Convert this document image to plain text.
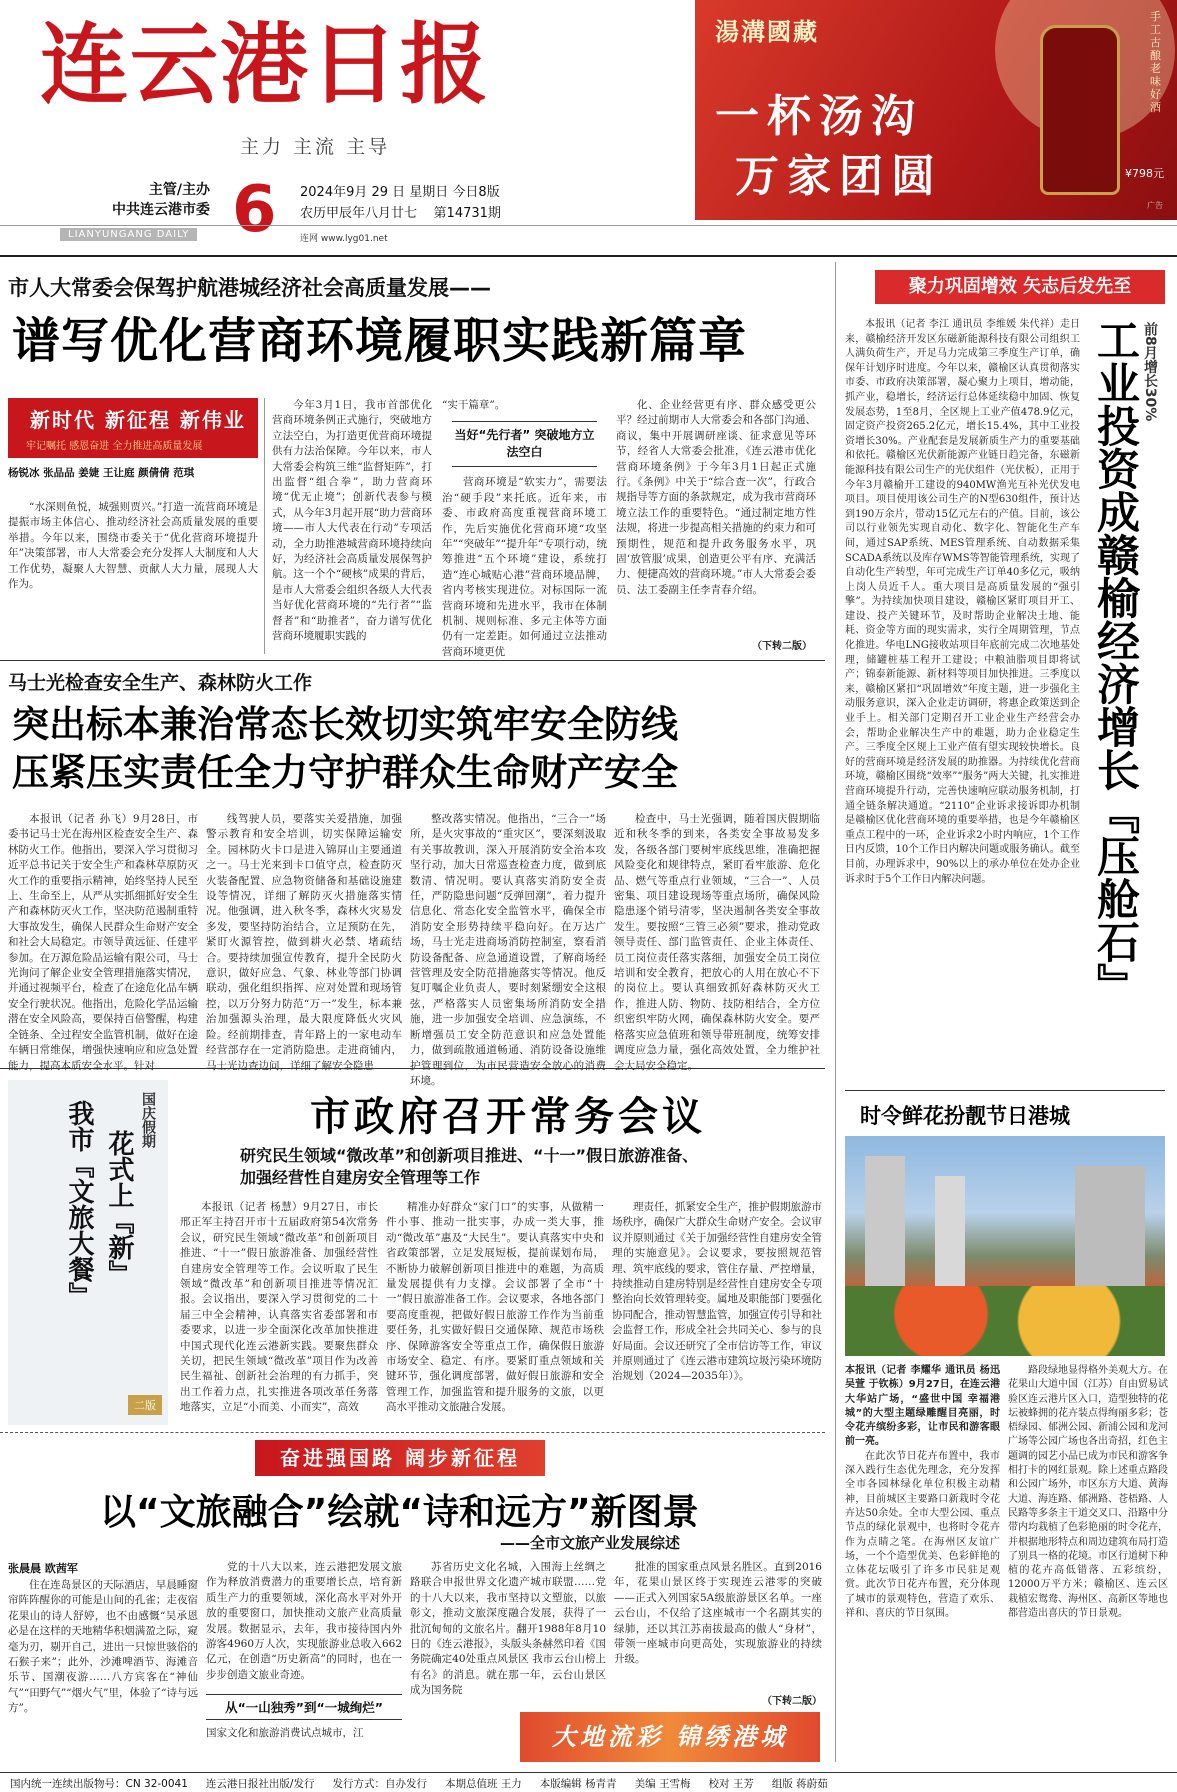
连云港日报
主力 主流 主导
主管/主办
中共连云港市委 6 2024年9月 29 日 星期日 今日8版
农历甲辰年八月廿七 第14731期
LIANYUNGANG DAILY	连网 www.lyg01.net
湯溝國藏
一杯汤沟
万家团圆
手工古酿 老味好酒
¥798元
广告
市人大常委会保驾护航港城经济社会高质量发展——
谱写优化营商环境履职实践新篇章
新时代 新征程 新伟业
牢记嘱托 感恩奋进 全力推进高质量发展
杨锐冰 张品品 姜婕 王让庭 颜倩倩 范琪

“水深则鱼悦，城强则贾兴。”打造一流营商环境是提振市场主体信心、推动经济社会高质量发展的重要举措。今年以来，围绕市委关于“优化营商环境提升年”决策部署，市人大常委会充分发挥人大制度和人大工作优势，凝聚人大智慧、贡献人大力量，展现人大作为。

今年3月1日，我市首部优化营商环境条例正式施行，突破地方立法空白，为打造更优营商环境提供有力法治保障。今年以来，市人大常委会构筑三维“监督矩阵”，打出监督“组合拳”，助力营商环境“优无止境”；创新代表参与模式，从今年3月起开展“助力营商环境——市人大代表在行动”专项活动，全力助推港城营商环境持续向好，为经济社会高质量发展保驾护航。这一个个“硬核”成果的背后，是市人大常委会组织各级人大代表当好优化营商环境的“先行者”“监督者”和“助推者”，奋力谱写优化营商环境履职实践的

“实干篇章”。
当好“先行者” 突破地方立法空白

营商环境是“软实力”，需要法治“硬手段”来托底。近年来，市委、市政府高度重视营商环境工作，先后实施优化营商环境“攻坚年”“突破年”“提升年”专项行动，统筹推进“五个环境”建设，系统打造“连心城贴心港”营商环境品牌，省内考核实现进位。对标国际一流营商环境和先进水平，我市在体制机制、规则标准、多元主体等方面仍有一定差距。如何通过立法推动营商环境更优

化、企业经营更有序、群众感受更公平？经过前期市人大常委会和各部门沟通、商议，集中开展调研座谈、征求意见等环节，经省人大常委会批准，《连云港市优化营商环境条例》于今年3月1日起正式施行。《条例》中关于“综合查一次”，行政合规指导等方面的条款规定，成为我市营商环境立法工作的重要特色。“通过制定地方性法规，将进一步提高相关措施的约束力和可预期性，规范和提升政务服务水平，巩固‘放管服’成果，创造更公平有序、充满活力、便捷高效的营商环境。”市人大常委会委员、法工委副主任李青春介绍。

（下转二版）
马士光检查安全生产、森林防火工作
突出标本兼治常态长效切实筑牢安全防线
压紧压实责任全力守护群众生命财产安全

本报讯（记者 孙飞）9月28日，市委书记马士光在海州区检查安全生产、森林防火工作。他指出，要深入学习贯彻习近平总书记关于安全生产和森林草原防灭火工作的重要指示精神，始终坚持人民至上、生命至上，从严从实抓细抓好安全生产和森林防灭火工作，坚决防范遏制重特大事故发生，确保人民群众生命财产安全和社会大局稳定。市领导黄远征、任建平参加。在万源危险品运输有限公司，马士光询问了解企业安全管理措施落实情况，并通过视频平台，检查了在途危化品车辆安全行驶状况。他指出，危险化学品运输潜在安全风险高，要保持百倍警醒，构建全链条、全过程安全监管机制，做好在途车辆日常维保，增强快速响应和应急处置能力，提高本质安全水平。针对

线驾驶人员，要落实关爱措施，加强警示教育和安全培训，切实保障运输安全。园林防火卡口是进入锦屏山主要通道之一。马士光来到卡口值守点，检查防灭火装备配置、应急物资储备和基础设施建设等情况，详细了解防灭火措施落实情况。他强调，进入秋冬季，森林火灾易发多发，要坚持防治结合，立足预防在先，紧盯火源管控，做到耕火必禁、堵疏结合。要持续加强宣传教育，提升全民防火意识，做好应急、气象、林业等部门协调联动，强化组织指挥、应对处置和现场管控，以万分努力防范“万一”发生，标本兼治加强源头治理，最大限度降低火灾风险。经前期排查，青年路上的一家电动车经营部存在一定消防隐患。走进商铺内，马士光边查边问，详细了解安全隐患

整改落实情况。他指出，“三合一”场所，是火灾事故的“重灾区”，要深刻汲取有关事故教训，深入开展消防安全治本攻坚行动，加大日常巡查检查力度，做到底数清、情况明。要认真落实消防安全责任，严防隐患问题“反弹回潮”，着力提升信息化、常态化安全监管水平，确保全市消防安全形势持续平稳向好。在万达广场，马士光走进商场消防控制室，察看消防设备配备、应急通道设置，了解商场经营管理及安全防范措施落实等情况。他反复叮嘱企业负责人，要时刻紧绷安全这根弦，严格落实人员密集场所消防安全措施，进一步加强安全培训、应急演练，不断增强员工安全防范意识和应急处置能力，做到疏散通道畅通、消防设备设施维护管理到位，为市民营造安全放心的消费环境。

检查中，马士光强调，随着国庆假期临近和秋冬季的到来，各类安全事故易发多发，各级各部门要树牢底线思维，准确把握风险变化和规律特点，紧盯看牢旅游、危化品、燃气等重点行业领域，“三合一”、人员密集、项目建设现场等重点场所，确保风险隐患逐个销号清零，坚决遏制各类安全事故发生。要按照“三管三必须”要求，推动党政领导责任、部门监管责任、企业主体责任、员工岗位责任落实落细，加强安全员工岗位培训和安全教育，把放心的人用在放心不下的岗位上。要认真细致抓好森林防灭火工作，推进人防、物防、技防相结合，全方位织密织牢防火网，确保森林防火安全。要严格落实应急值班和领导带班制度，统筹安排调度应急力量，强化高效处置，全力维护社会大局安全稳定。

聚力巩固增效 矢志后发先至
工业投资成赣榆经济增长『压舱石』 前8月增长30%

本报讯（记者 李江 通讯员 李维媛 朱代祥）走日来，赣榆经济开发区东磁新能源科技有限公司组织工人满负荷生产，开足马力完成第三季度生产订单，确保年计划序时进度。今年以来，赣榆区认真贯彻落实市委、市政府决策部署，凝心聚力上项目，增动能，抓产业，稳增长，经济运行总体延续稳中加固、恢复发展态势，1至8月，全区规上工业产值478.9亿元，固定资产投资265.2亿元，增长15.4%，其中工业投资增长30%。产业配套是发展新质生产力的重要基础和依托。赣榆区光伏新能源产业链日趋完备，东磁新能源科技有限公司生产的光伏组件（光伏板），正用于今年3月赣榆开工建设的940MW渔光互补光伏发电项目。项目使用该公司生产的N型630组件，预计达到190万余片，带动15亿元左右的产值。目前，该公司以行业领先实现自动化、数字化、智能化生产车间，通过SAP系统、MES管理系统、自动数据采集SCADA系统以及库存WMS等智能管理系统，实现了自动化生产转型，年可完成生产订单40多亿元，吸纳上岗人员近千人。重大项目是高质量发展的“强引擎”。为持续加快项目建设，赣榆区紧盯项目开工、建设、投产关键环节，及时帮助企业解决土地、能耗、资金等方面的现实需求，实行全周期管理，节点化推进。华电LNG接收站项目年底前完成二次地基处理，储罐桩基工程开工建设；中粮油脂项目即将试产；锦泰新能源、新材料等项目加快推进。三季度以来，赣榆区紧扣“巩固增效”年度主题，进一步强化主动服务意识，深入企业走访调研，将惠企政策送到企业手上。相关部门定期召开工业企业生产经营会办会，帮助企业解决生产中的难题，助力企业稳定生产。三季度全区规上工业产值有望实现较快增长。良好的营商环境是经济发展的助推器。为持续优化营商环境，赣榆区围绕“效率”“服务”两大关键，扎实推进营商环境提升行动，完善快速响应联动服务机制，打通全链条解决通道。“2110”企业诉求接诉即办机制是赣榆区优化营商环境的重要举措，也是今年赣榆区重点工程中的一环，企业诉求2小时内响应，1个工作日内反馈，10个工作日内解决问题或服务确认。截至目前，办理诉求中，90%以上的承办单位在处办企业诉求时于5个工作日内解决问题。

时令鲜花扮靓节日港城
本报讯（记者 李耀华 通讯员 杨迅 吴萱 于钦栋）9月27日，在连云港大华站广场，“盛世中国 幸福港城”的大型主题绿雕醒目亮丽，时令花卉缤纷多彩，让市民和游客眼前一亮。

在此次节日花卉布置中，我市深入践行生态优先理念，充分发挥全市各园林绿化单位积极主动精神，目前城区主要路口新栽时令花卉达50余处。全市大型公园、重点节点的绿化景观中，也将时令花卉作为点睛之笔。在海州区友谊广场，一个个造型优美、色彩鲜艳的立体花坛吸引了许多市民驻足观赏。此次节日花卉布置，充分体现了城市的景观特色，营造了欢乐、祥和、喜庆的节日氛围。

路段绿地显得格外美观大方。在花果山大道中国（江苏）自由贸易试验区连云港片区入口，造型独特的花坛被蜂拥的花卉装点得绚丽多彩；苍梧绿园、郁洲公园、新浦公园和龙河广场等公园广场也各出奇招，红色主题调的园艺小品已成为市民和游客争相打卡的网红景观。除上述重点路段和公园广场外，市区东方大道、黄海大道、海连路、郁洲路、苍梧路、人民路等多条主干道交叉口、沿路中分带内均栽植了色彩艳丽的时令花卉，并根据地形特点和周边建筑布局打造了别具一格的花境。市区行道树下种植的花卉高低错落、五彩缤纷，12000万平方米；赣榆区、连云区栽植宏鸳鸯、海州区、高新区等地也都营造出喜庆的节日景观。

国庆假期
花式上『新』
我市『文旅大餐』
二版
市政府召开常务会议
研究民生领域“微改革”和创新项目推进、“十一”假日旅游准备、
加强经营性自建房安全管理等工作

本报讯（记者 杨慧）9月27日，市长邢正军主持召开市十五届政府第54次常务会议，研究民生领域“微改革”和创新项目推进、“十一”假日旅游准备、加强经营性自建房安全管理等工作。会议听取了民生领域“微改革”和创新项目推进等情况汇报。会议指出，要深入学习贯彻党的二十届三中全会精神，认真落实省委部署和市委要求，以进一步全面深化改革加快推进中国式现代化连云港新实践。要聚焦群众关切，把民生领域“微改革”项目作为改善民生福祉、创新社会治理的有力抓手，突出工作着力点，扎实推进各项改革任务落地落实，立足“小而美、小而实”，高效

精准办好群众“家门口”的实事，从做精一件小事、推动一批实事，办成一类大事，推动“微改革”惠及“大民生”。要认真落实中央和省政策部署，立足发展短板，提前谋划布局，不断协力破解创新项目推进中的难题，为高质量发展提供有力支撑。会议部署了全市“十一”假日旅游准备工作。会议要求，各地各部门要高度重视，把做好假日旅游工作作为当前重要任务，扎实做好假日交通保障、规范市场秩序、保障游客安全等重点工作，确保假日旅游市场安全、稳定、有序。要紧盯重点领域和关键环节，强化调度部署，做好假日旅游和安全管理工作，加强监管和提升服务的文旅，以更高水平推动文旅融合发展。

理责任，抓紧安全生产，推护假期旅游市场秩序，确保广大群众生命财产安全。会议审议并原则通过《关于加强经营性自建房安全管理的实施意见》。会议要求，要按照规范管理、筑牢底线的要求，管住存量、严控增量，持续推动自建房特别是经营性自建房安全专项整治向长效管理转变。属地及职能部门要强化协同配合，推动智慧监管，加强宣传引导和社会监督工作，形成全社会共同关心、参与的良好局面。会议还研究了全市信访等工作，审议并原则通过了《连云港市建筑垃圾污染环境防治规划（2024—2035年）》。

奋进强国路 阔步新征程
以“文旅融合”绘就“诗和远方”新图景
——全市文旅产业发展综述
张晨晨 欧茜军

住在连岛景区的天际酒店，早晨睡窗帘阵阵醒你的可能是山间的孔雀；走夜宿花果山的诗人舒婷，也不由感慨“吴承恩必是在这样的天地精华积烟满盈之际，窥毫为刃，剔开自己，进出一只惊世骇俗的石猴子来”；此外，沙滩啤酒节、海滩音乐节、国潮夜游……八方宾客在“神仙气”“田野气”“烟火气”里，体验了“诗与远方”。

党的十八大以来，连云港把发展文旅作为释放消费潜力的重要增长点，培育新质生产力的重要领域，深化高水平对外开放的重要窗口，加快推动文旅产业高质量发展。数据显示，去年，我市接待国内外游客4960万人次，实现旅游业总收入662亿元，在创造“历史新高”的同时，也在一步步创造文旅业奇迹。

从“一山独秀”到“一城绚烂”
国家文化和旅游消费试点城市，江

苏省历史文化名城，入围海上丝绸之路联合申报世界文化遗产城市联盟……党的十八大以来，我市坚持以文塑旅，以旅彰文，推动文旅深度融合发展，获得了一批沉甸甸的文旅名片。翻开1988年8月10日的《连云港报》，头版头条赫然印着《国务院确定40处重点风景区 我市云台山榜上有名》的消息。就在那一年，云台山景区成为国务院

批准的国家重点风景名胜区。直到2016年，花果山景区终于实现连云港零的突破——正式入列国家5A级旅游景区名单。一座云台山，不仅给了这座城市一个名副其实的绿肺，还以其江苏南拔最高的傲人“身材”，带领一座城市向更高处，实现旅游业的持续升级。

（下转二版）
大地流彩 锦绣港城
国内统一连续出版物号：CN 32-0041 连云港日报社出版/发行 发行方式：自办发行 本期总值班 王力 本版编辑 杨青青 美编 王雪梅 校对 王芳 组版 蒋蔚茹
